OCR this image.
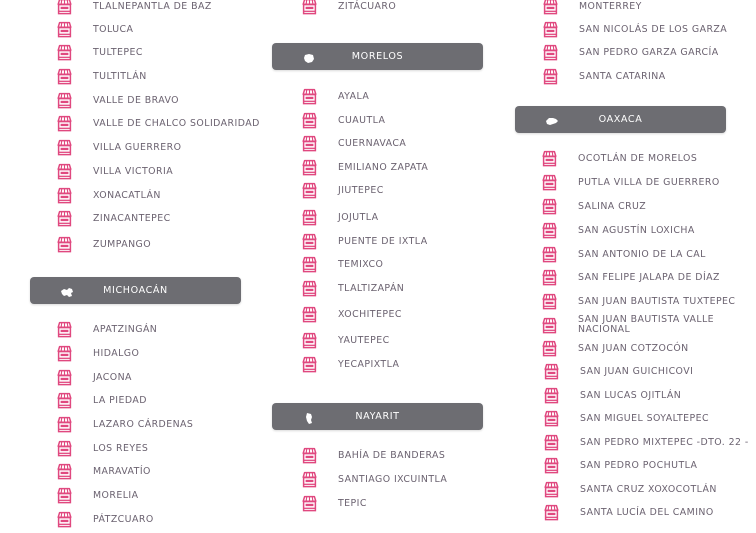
TLALNEPANTLA DE BAZ
TOLUCA
TULTEPEC
TULTITLÁN
VALLE DE BRAVO
VALLE DE CHALCO SOLIDARIDAD
VILLA GUERRERO
VILLA VICTORIA
XONACATLÁN
ZINACANTEPEC
ZUMPANGO
MICHOACÁN
APATZINGÁN
HIDALGO
JACONA
LA PIEDAD
LAZARO CÁRDENAS
LOS REYES
MARAVATÍO
MORELIA
PÁTZCUARO
ZITÁCUARO
MORELOS
AYALA
CUAUTLA
CUERNAVACA
EMILIANO ZAPATA
JIUTEPEC
JOJUTLA
PUENTE DE IXTLA
TEMIXCO
TLALTIZAPÁN
XOCHITEPEC
YAUTEPEC
YECAPIXTLA
NAYARIT
BAHÍA DE BANDERAS
SANTIAGO IXCUINTLA
TEPIC
MONTERREY
SAN NICOLÁS DE LOS GARZA
SAN PEDRO GARZA GARCÍA
SANTA CATARINA
OAXACA
OCOTLÁN DE MORELOS
PUTLA VILLA DE GUERRERO
SALINA CRUZ
SAN AGUSTÍN LOXICHA
SAN ANTONIO DE LA CAL
SAN FELIPE JALAPA DE DÍAZ
SAN JUAN BAUTISTA TUXTEPEC
SAN JUAN BAUTISTA VALLE NACIONAL
SAN JUAN COTZOCÓN
SAN JUAN GUICHICOVI
SAN LUCAS OJITLÁN
SAN MIGUEL SOYALTEPEC
SAN PEDRO MIXTEPEC -DTO. 22 -
SAN PEDRO POCHUTLA
SANTA CRUZ XOXOCOTLÁN
SANTA LUCÍA DEL CAMINO
